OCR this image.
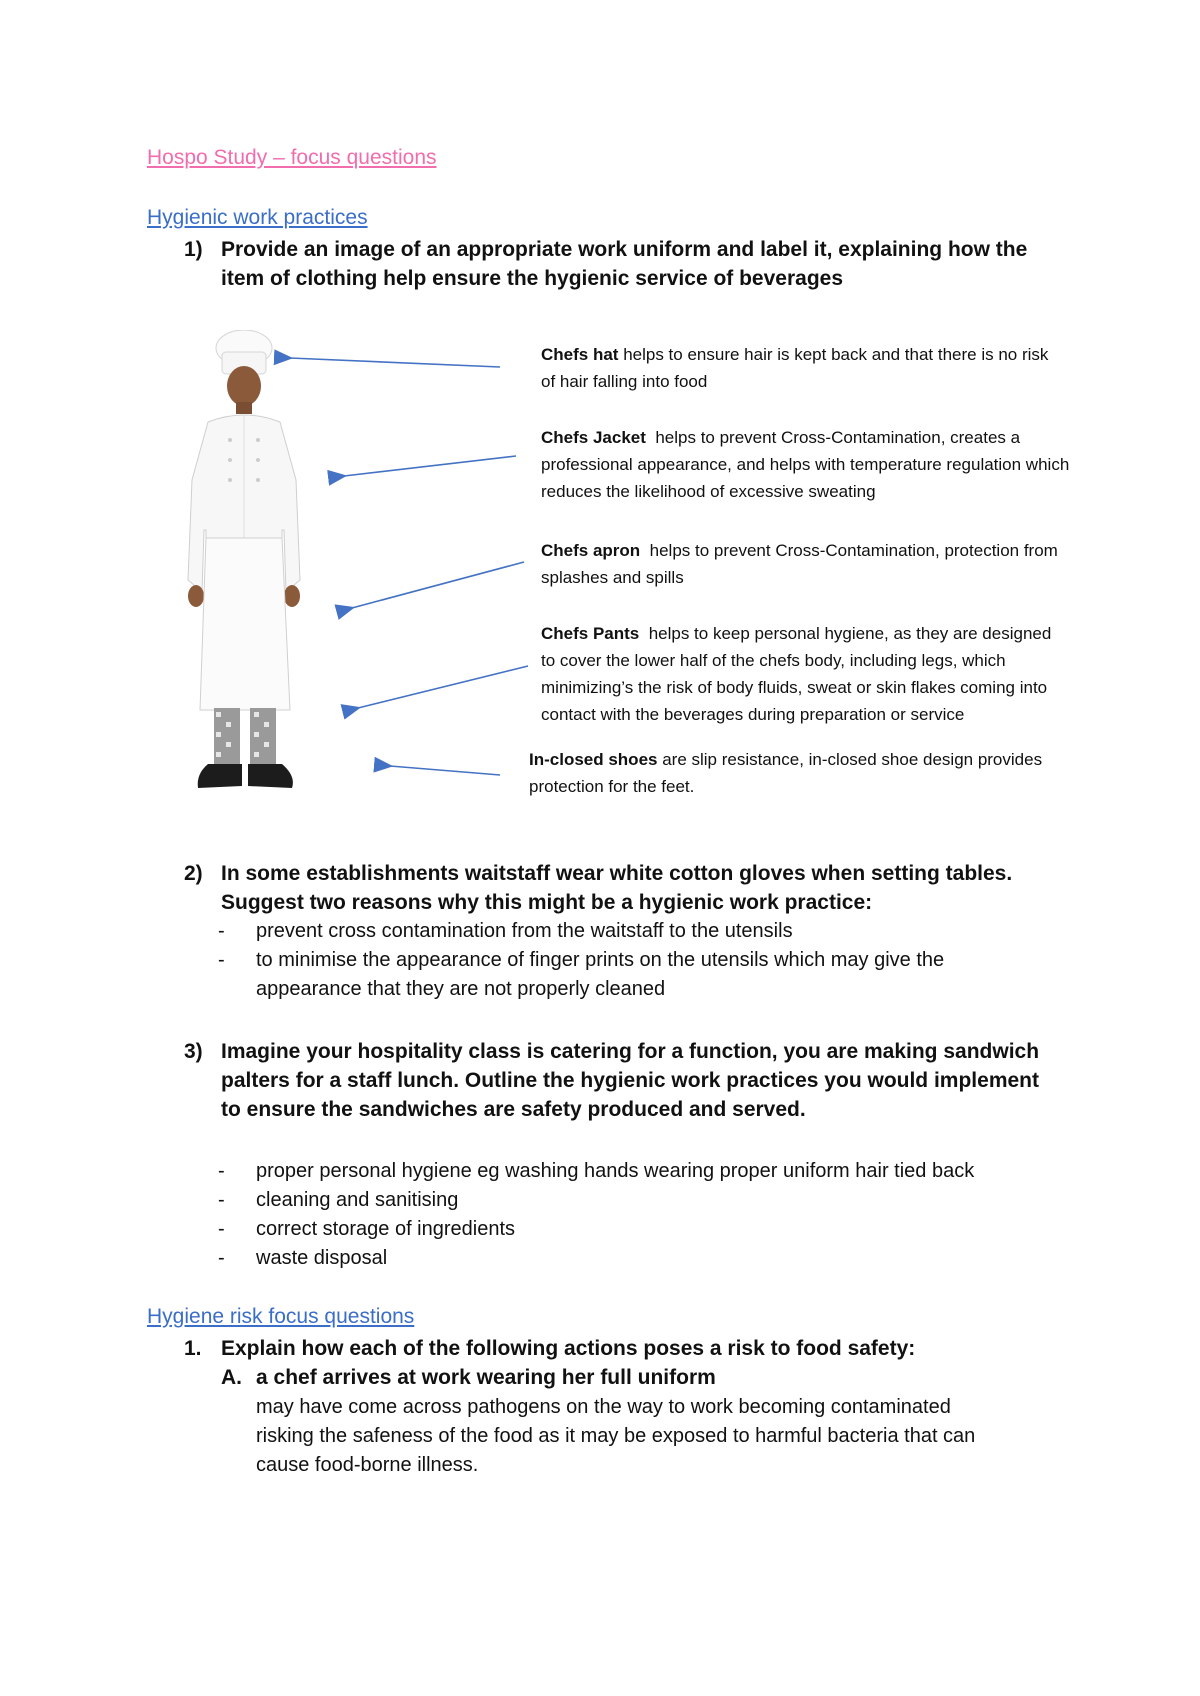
Hospo Study – focus questions
Hygienic work practices
1) Provide an image of an appropriate work uniform and label it, explaining how the
item of clothing help ensure the hygienic service of beverages
Chefs hat helps to ensure hair is kept back and that there is no risk
of hair falling into food
Chefs Jacket  helps to prevent Cross-Contamination, creates a
professional appearance, and helps with temperature regulation which
reduces the likelihood of excessive sweating
Chefs apron  helps to prevent Cross-Contamination, protection from
splashes and spills
Chefs Pants  helps to keep personal hygiene, as they are designed
to cover the lower half of the chefs body, including legs, which
minimizing’s the risk of body fluids, sweat or skin flakes coming into
contact with the beverages during preparation or service
In-closed shoes are slip resistance, in-closed shoe design provides
protection for the feet.
2) In some establishments waitstaff wear white cotton gloves when setting tables.
Suggest two reasons why this might be a hygienic work practice:
- prevent cross contamination from the waitstaff to the utensils
- to minimise the appearance of finger prints on the utensils which may give the
appearance that they are not properly cleaned
3) Imagine your hospitality class is catering for a function, you are making sandwich
palters for a staff lunch. Outline the hygienic work practices you would implement
to ensure the sandwiches are safety produced and served.
- proper personal hygiene eg washing hands wearing proper uniform hair tied back
- cleaning and sanitising
- correct storage of ingredients
- waste disposal
Hygiene risk focus questions
1. Explain how each of the following actions poses a risk to food safety:
A. a chef arrives at work wearing her full uniform
may have come across pathogens on the way to work becoming contaminated
risking the safeness of the food as it may be exposed to harmful bacteria that can
cause food-borne illness.
